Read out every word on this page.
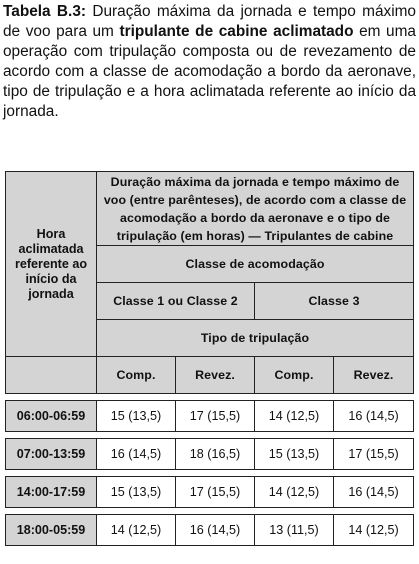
Tabela B.3: Duração máxima da jornada e tempo máximo de voo para um tripulante de cabine aclimatado em uma operação com tripulação composta ou de revezamento de acordo com a classe de acomodação a bordo da aeronave, tipo de tripulação e a hora aclimatada referente ao início da jornada.

Hora aclimatada referente ao início da jornada	Duração máxima da jornada e tempo máximo de voo (entre parênteses), de acordo com a classe de acomodação a bordo da aeronave e o tipo de tripulação (em horas) — Tripulantes de cabine			
	Classe de acomodação			
	Classe 1 ou Classe 2		Classe 3	
	Tipo de tripulação			
	Comp.	Revez.	Comp.	Revez.

06:00-06:59	15 (13,5)	17 (15,5)	14 (12,5)	16 (14,5)

07:00-13:59	16 (14,5)	18 (16,5)	15 (13,5)	17 (15,5)

14:00-17:59	15 (13,5)	17 (15,5)	14 (12,5)	16 (14,5)

18:00-05:59	14 (12,5)	16 (14,5)	13 (11,5)	14 (12,5)
